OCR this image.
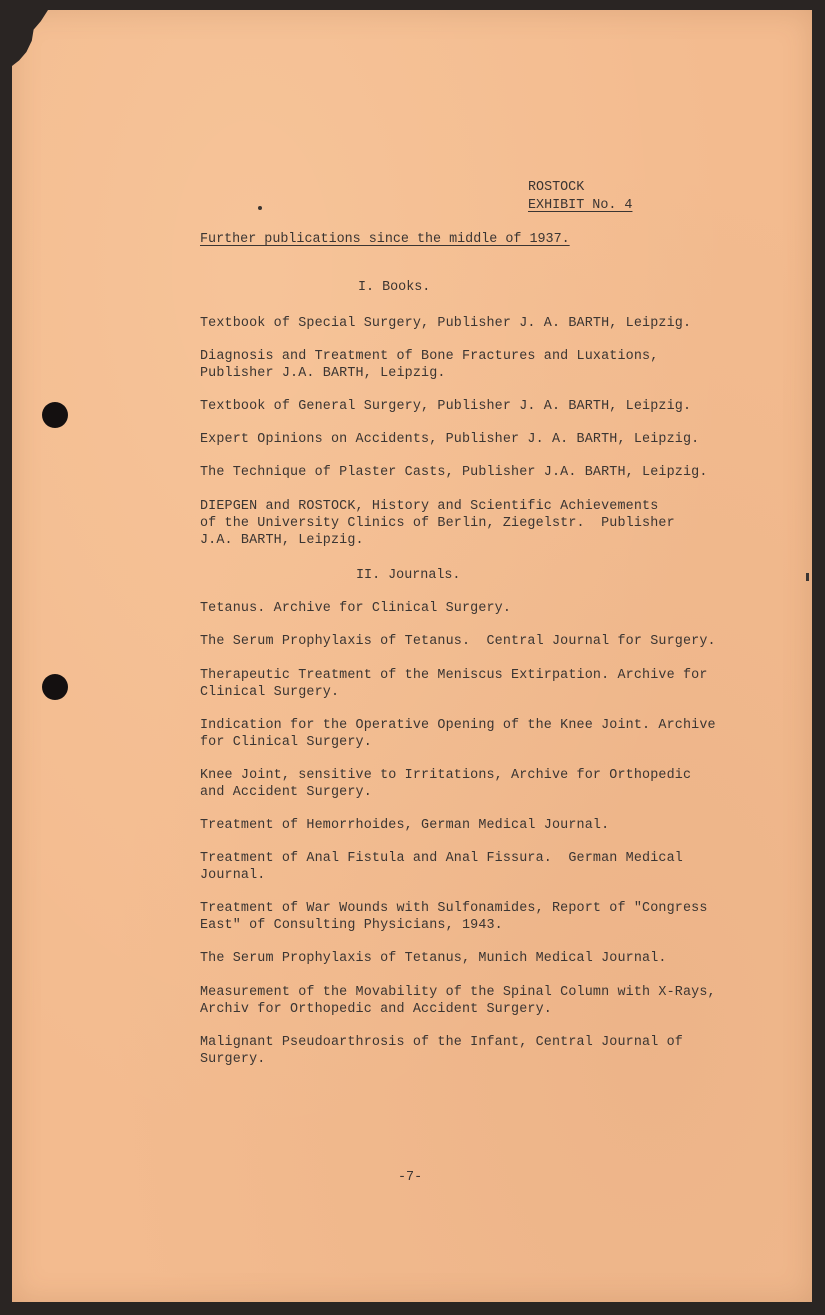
ROSTOCK
EXHIBIT No. 4
Further publications since the middle of 1937.
I. Books.
Textbook of Special Surgery, Publisher J. A. BARTH, Leipzig.
Diagnosis and Treatment of Bone Fractures and Luxations,
Publisher J.A. BARTH, Leipzig.
Textbook of General Surgery, Publisher J. A. BARTH, Leipzig.
Expert Opinions on Accidents, Publisher J. A. BARTH, Leipzig.
The Technique of Plaster Casts, Publisher J.A. BARTH, Leipzig.
DIEPGEN and ROSTOCK, History and Scientific Achievements
of the University Clinics of Berlin, Ziegelstr.  Publisher
J.A. BARTH, Leipzig.
II. Journals.
Tetanus. Archive for Clinical Surgery.
The Serum Prophylaxis of Tetanus.  Central Journal for Surgery.
Therapeutic Treatment of the Meniscus Extirpation. Archive for
Clinical Surgery.
Indication for the Operative Opening of the Knee Joint. Archive
for Clinical Surgery.
Knee Joint, sensitive to Irritations, Archive for Orthopedic
and Accident Surgery.
Treatment of Hemorrhoides, German Medical Journal.
Treatment of Anal Fistula and Anal Fissura.  German Medical
Journal.
Treatment of War Wounds with Sulfonamides, Report of "Congress
East" of Consulting Physicians, 1943.
The Serum Prophylaxis of Tetanus, Munich Medical Journal.
Measurement of the Movability of the Spinal Column with X-Rays,
Archiv for Orthopedic and Accident Surgery.
Malignant Pseudoarthrosis of the Infant, Central Journal of
Surgery.
-7-
